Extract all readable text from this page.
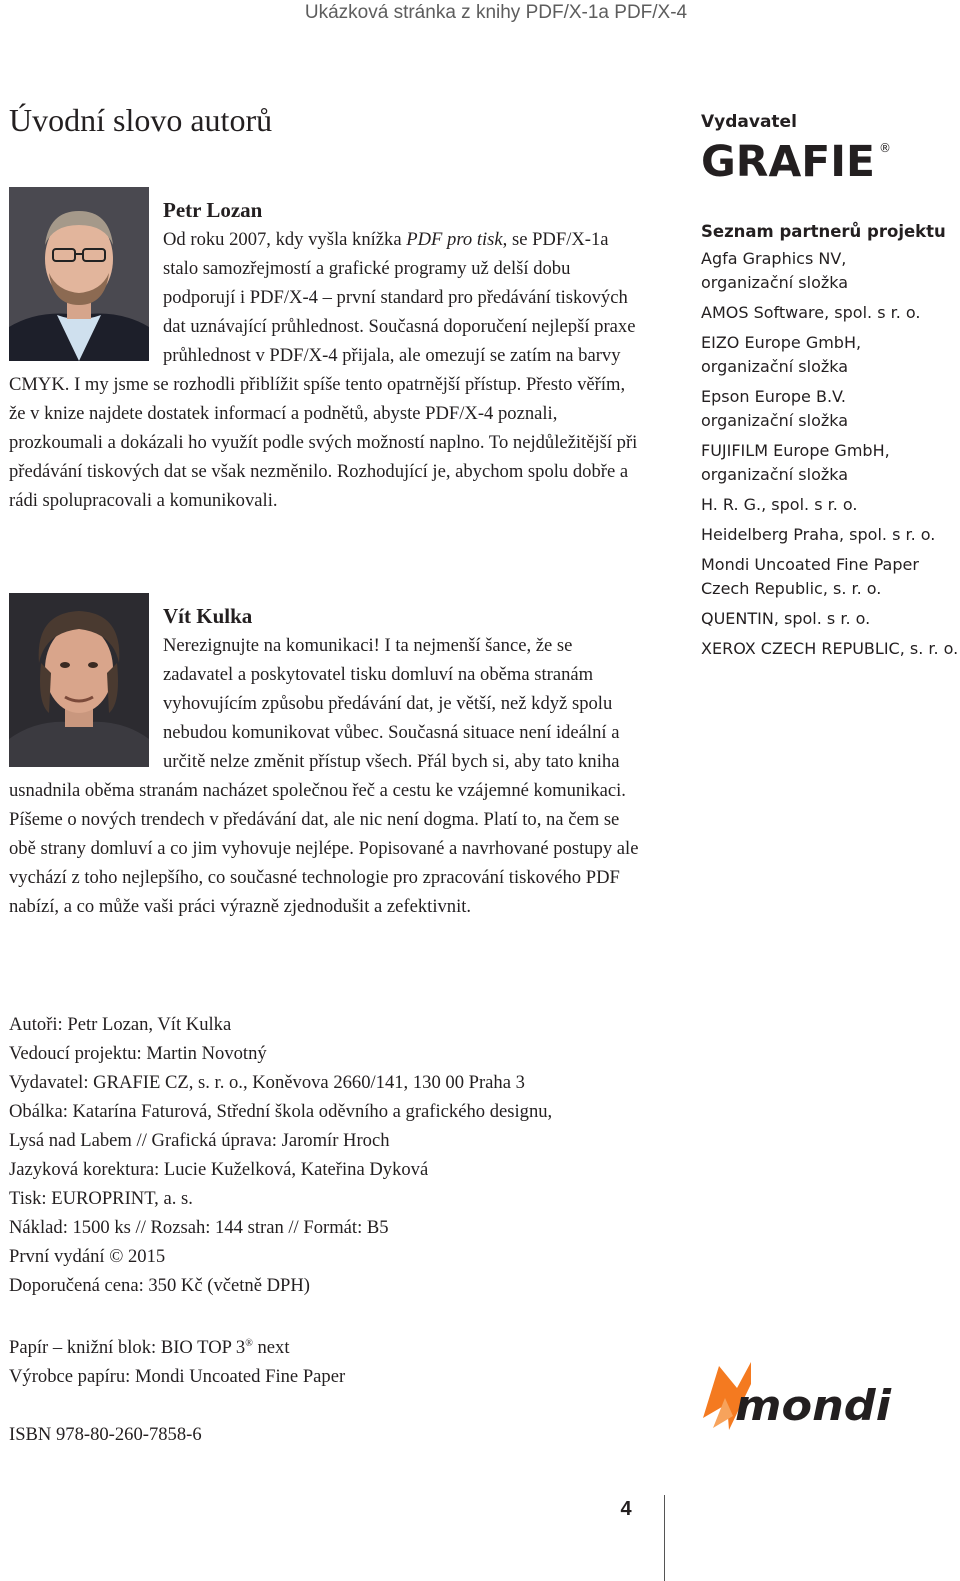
Ukázková stránka z knihy PDF/X-1a PDF/X-4
Úvodní slovo autorů
Petr Lozan

Od roku 2007, kdy vyšla knížka PDF pro tisk, se PDF/X-1a stalo samozřejmostí a grafické programy už delší dobu podporují i PDF/X-4 – první standard pro předávání tiskových dat uznávající průhlednost. Současná doporučení nejlepší praxe průhlednost v PDF/X-4 přijala, ale omezují se zatím na barvy CMYK. I my jsme se rozhodli přiblížit spíše tento opatrnější přístup. Přesto věřím, že v knize najdete dostatek informací a podnětů, abyste PDF/X-4 poznali, prozkoumali a dokázali ho využít podle svých možností naplno. To nejdůležitější při předávání tiskových dat se však nezměnilo. Rozhodující je, abychom spolu dobře a rádi spolupracovali a komunikovali.

Vít Kulka

Nerezignujte na komunikaci! I ta nejmenší šance, že se zadavatel a poskytovatel tisku domluví na oběma stranám vyhovujícím způsobu předávání dat, je větší, než když spolu nebudou komunikovat vůbec. Současná situace není ideální a určitě nelze změnit přístup všech. Přál bych si, aby tato kniha usnadnila oběma stranám nacházet společnou řeč a cestu ke vzájemné komunikaci. Píšeme o nových trendech v předávání dat, ale nic není dogma. Platí to, na čem se obě strany domluví a co jim vyhovuje nejlépe. Popisované a navrhované postupy ale vychází z toho nejlepšího, co současné technologie pro zpracování tiskového PDF nabízí, a co může vaši práci výrazně zjednodušit a zefektivnit.

Autoři: Petr Lozan, Vít Kulka
Vedoucí projektu: Martin Novotný
Vydavatel: GRAFIE CZ, s. r. o., Koněvova 2660/141, 130 00 Praha 3
Obálka: Katarína Faturová, Střední škola oděvního a grafického designu,
Lysá nad Labem // Grafická úprava: Jaromír Hroch
Jazyková korektura: Lucie Kuželková, Kateřina Dyková
Tisk: EUROPRINT, a. s.
Náklad: 1500 ks // Rozsah: 144 stran // Formát: B5
První vydání © 2015
Doporučená cena: 350 Kč (včetně DPH)
Papír – knižní blok: BIO TOP 3® next
Výrobce papíru: Mondi Uncoated Fine Paper
ISBN 978-80-260-7858-6

Vydavatel

GRAFIE ®

Seznam partnerů projektu

Agfa Graphics NV,
organizační složka
AMOS Software, spol. s r. o.
EIZO Europe GmbH,
organizační složka
Epson Europe B.V.
organizační složka
FUJIFILM Europe GmbH,
organizační složka
H. R. G., spol. s r. o.
Heidelberg Praha, spol. s r. o.
Mondi Uncoated Fine Paper
Czech Republic, s. r. o.
QUENTIN, spol. s r. o.
XEROX CZECH REPUBLIC, s. r. o.
mondi
4
